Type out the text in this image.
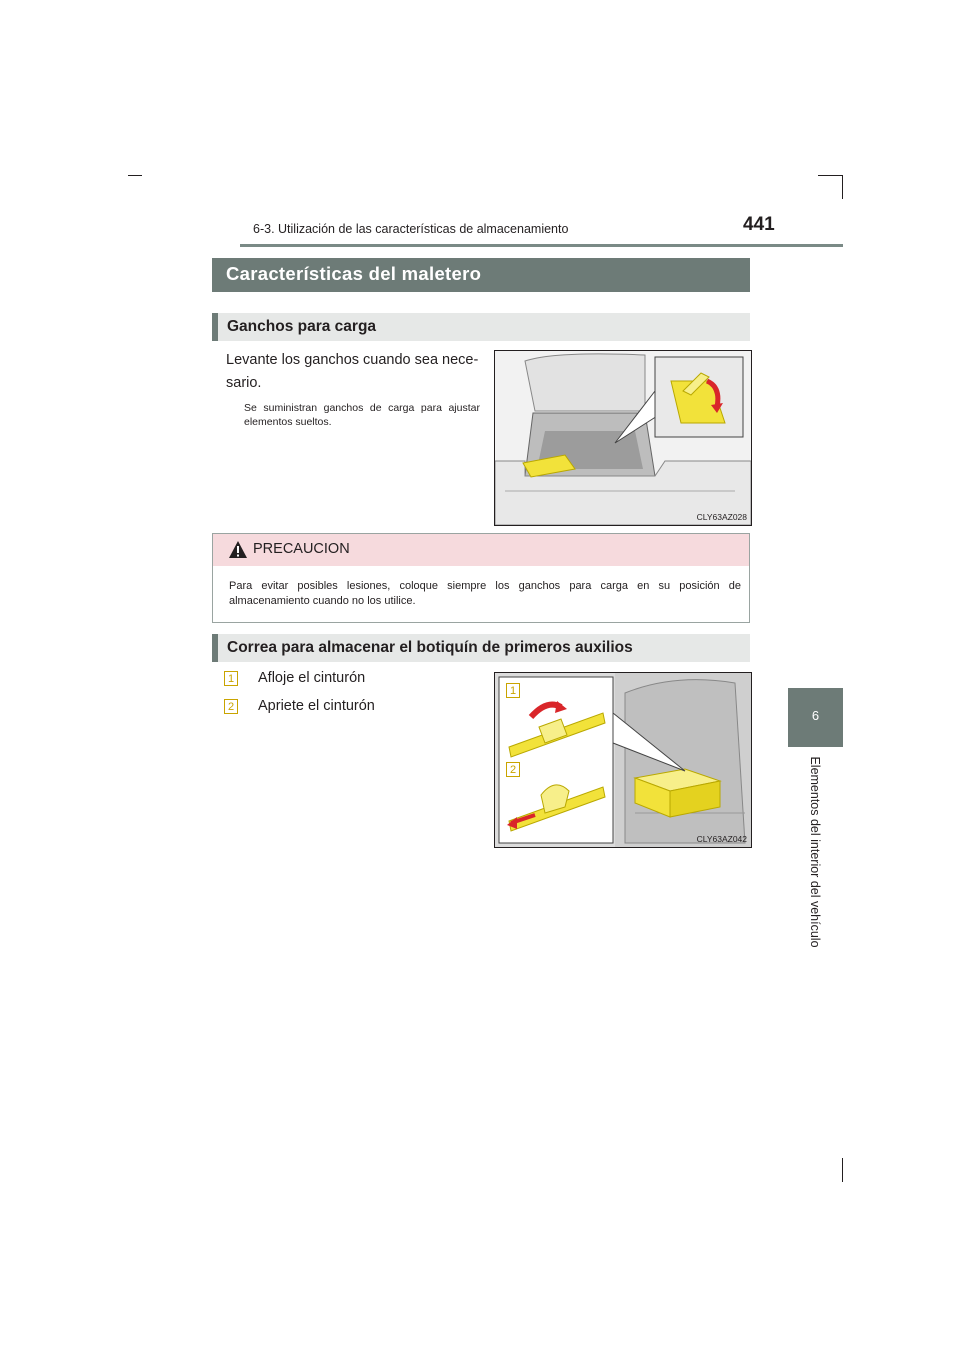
6-3. Utilización de las características de almacenamiento	441
6
Elementos del interior del vehículo
Características del maletero
Ganchos para carga
Levante los ganchos cuando sea nece-sario.
Se suministran ganchos de carga para ajustar elementos sueltos.
CLY63AZ028
PRECAUCION
Para evitar posibles lesiones, coloque siempre los ganchos para carga en su posición de almacenamiento cuando no los utilice.
Correa para almacenar el botiquín de primeros auxilios
1 Afloje el cinturón
2 Apriete el cinturón
1
2
CLY63AZ042
